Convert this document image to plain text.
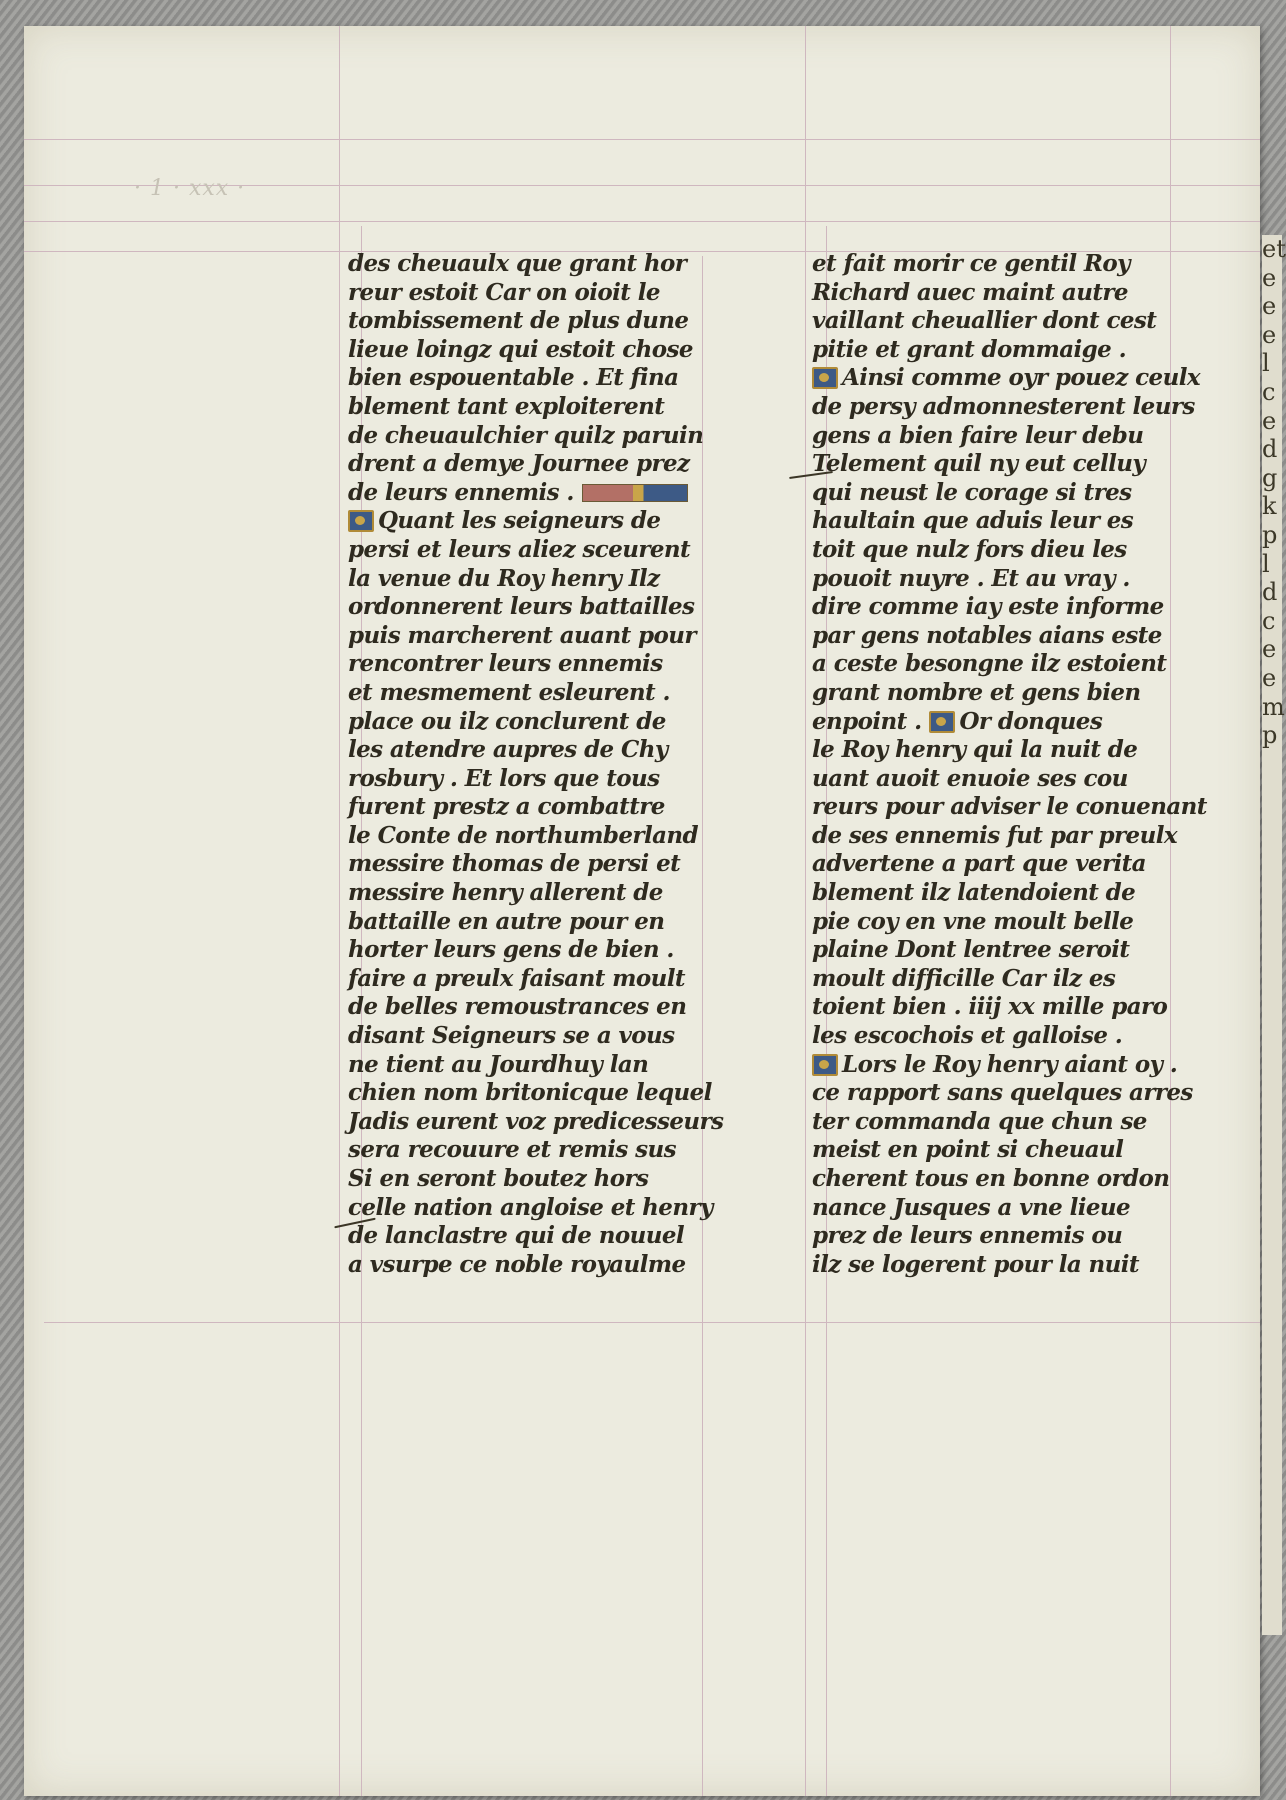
· 1 · xxx ·
des cheuaulx que grant hor
reur estoit Car on oioit le
tombissement de plus dune
lieue loingz qui estoit chose
bien espouentable . Et fina
blement tant exploiterent
de cheuaulchier quilz paruin
drent a demye Journee prez
de leurs ennemis .
Quant les seigneurs de
persi et leurs aliez sceurent
la venue du Roy henry Ilz
ordonnerent leurs battailles
puis marcherent auant pour
rencontrer leurs ennemis
et mesmement esleurent .
place ou ilz conclurent de
les atendre aupres de Chy
rosbury . Et lors que tous
furent prestz a combattre
le Conte de northumberland
messire thomas de persi et
messire henry allerent de
battaille en autre pour en
horter leurs gens de bien .
faire a preulx faisant moult
de belles remoustrances en
disant Seigneurs se a vous
ne tient au Jourdhuy lan
chien nom britonicque lequel
Jadis eurent voz predicesseurs
sera recouure et remis sus
Si en seront boutez hors
celle nation angloise et henry
de lanclastre qui de nouuel
a vsurpe ce noble royaulme
et fait morir ce gentil Roy
Richard auec maint autre
vaillant cheuallier dont cest
pitie et grant dommaige .
Ainsi comme oyr pouez ceulx
de persy admonnesterent leurs
gens a bien faire leur debu
Telement quil ny eut celluy
qui neust le corage si tres
haultain que aduis leur es
toit que nulz fors dieu les
pouoit nuyre . Et au vray .
dire comme iay este informe
par gens notables aians este
a ceste besongne ilz estoient
grant nombre et gens bien
enpoint . Or donques
le Roy henry qui la nuit de
uant auoit enuoie ses cou
reurs pour adviser le conuenant
de ses ennemis fut par preulx
advertene a part que verita
blement ilz latendoient de
pie coy en vne moult belle
plaine Dont lentree seroit
moult difficille Car ilz es
toient bien . iiij xx mille paro
les escochois et galloise .
Lors le Roy henry aiant oy .
ce rapport sans quelques arres
ter commanda que chun se
meist en point si cheuaul
cherent tous en bonne ordon
nance Jusques a vne lieue
prez de leurs ennemis ou
ilz se logerent pour la nuit
et
e
e
e
l
c
e
d
g
k
p
l
d
c
e
e
m
p
